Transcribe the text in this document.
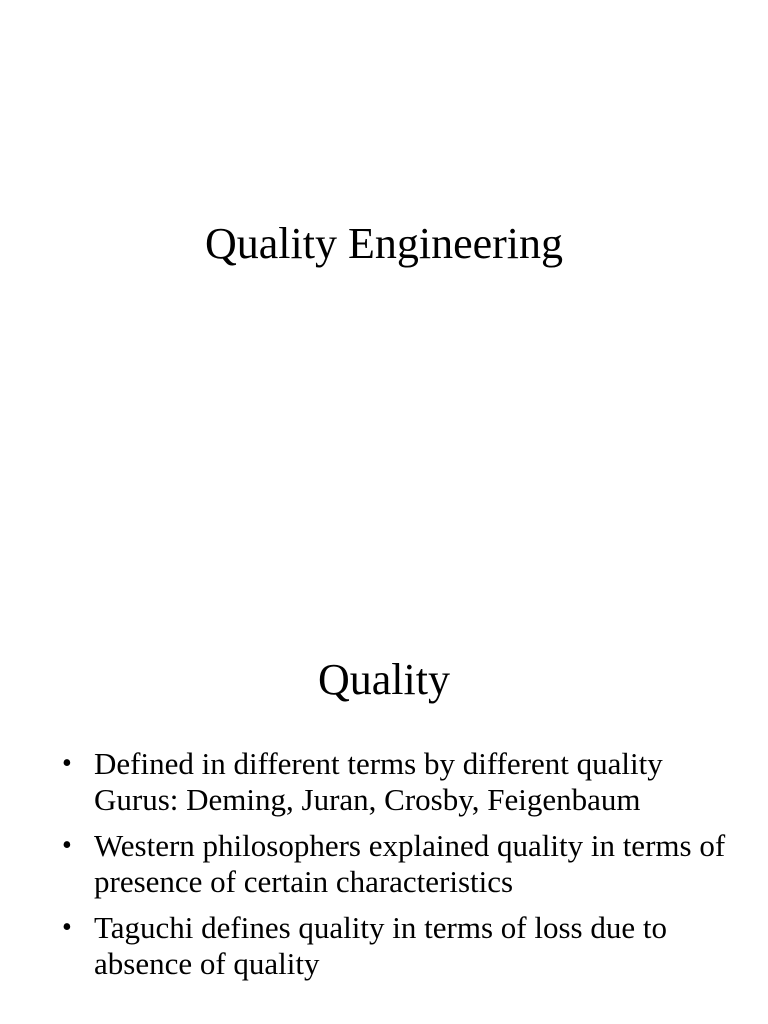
Quality Engineering
Quality
• Defined in different terms by different quality Gurus: Deming, Juran, Crosby, Feigenbaum
• Western philosophers explained quality in terms of presence of certain characteristics
• Taguchi defines quality in terms of loss due to absence of quality
